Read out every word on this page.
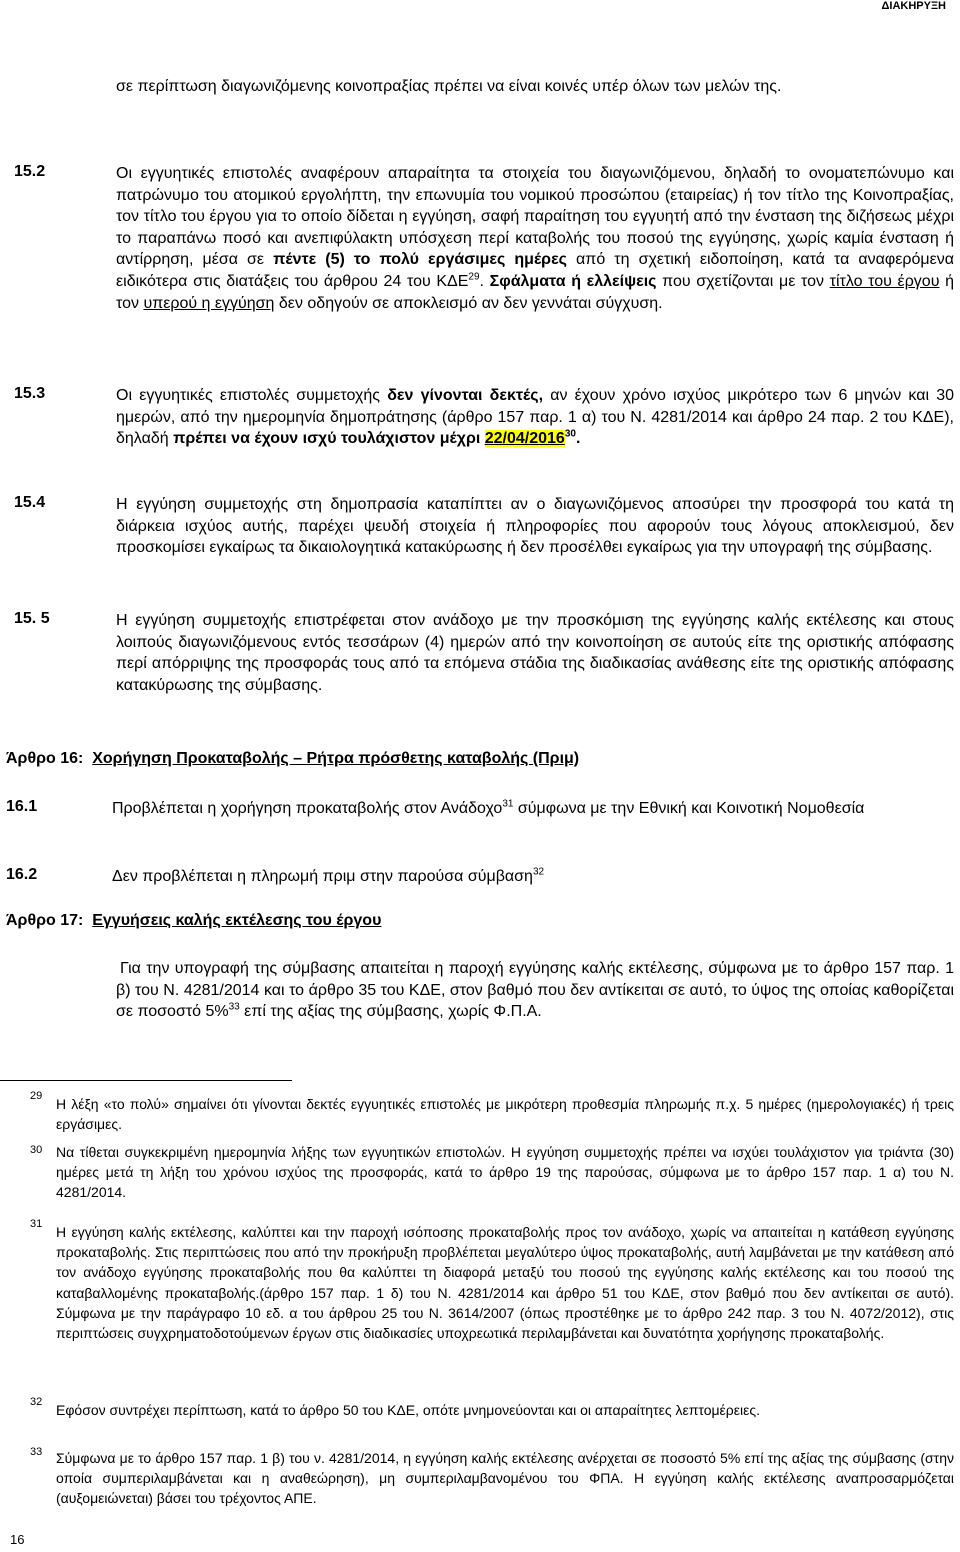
ΔΙΑΚΗΡΥΞΗ

σε περίπτωση διαγωνιζόμενης κοινοπραξίας πρέπει να είναι κοινές υπέρ όλων των μελών της.

15.2	Οι εγγυητικές επιστολές αναφέρουν απαραίτητα τα στοιχεία του διαγωνιζόμενου, δηλαδή το ονοματεπώνυμο και πατρώνυμο του ατομικού εργολήπτη, την επωνυμία του νομικού προσώπου (εταιρείας) ή τον τίτλο της Κοινοπραξίας, τον τίτλο του έργου για το οποίο δίδεται η εγγύηση, σαφή παραίτηση του εγγυητή από την ένσταση της διζήσεως μέχρι το παραπάνω ποσό και ανεπιφύλακτη υπόσχεση περί καταβολής του ποσού της εγγύησης, χωρίς καμία ένσταση ή αντίρρηση, μέσα σε πέντε (5) το πολύ εργάσιμες ημέρες από τη σχετική ειδοποίηση, κατά τα αναφερόμενα ειδικότερα στις διατάξεις του άρθρου 24 του ΚΔΕ$^{29}$. Σφάλματα ή ελλείψεις που σχετίζονται με τον τίτλο του έργου ή τον υπερού η εγγύηση δεν οδηγούν σε αποκλεισμό αν δεν γεννάται σύγχυση.

15.3	Οι εγγυητικές επιστολές συμμετοχής δεν γίνονται δεκτές, αν έχουν χρόνο ισχύος μικρότερο των 6 μηνών και 30 ημερών, από την ημερομηνία δημοπράτησης (άρθρο 157 παρ. 1 α) του Ν. 4281/2014 και άρθρο 24 παρ. 2 του ΚΔΕ), δηλαδή πρέπει να έχουν ισχύ τουλάχιστον μέχρι 22/04/2016$^{30}$.

15.4	Η εγγύηση συμμετοχής στη δημοπρασία καταπίπτει αν ο διαγωνιζόμενος αποσύρει την προσφορά του κατά τη διάρκεια ισχύος αυτής, παρέχει ψευδή στοιχεία ή πληροφορίες που αφορούν τους λόγους αποκλεισμού, δεν προσκομίσει εγκαίρως τα δικαιολογητικά κατακύρωσης ή δεν προσέλθει εγκαίρως για την υπογραφή της σύμβασης.

15. 5	Η εγγύηση συμμετοχής επιστρέφεται στον ανάδοχο με την προσκόμιση της εγγύησης καλής εκτέλεσης και στους λοιπούς διαγωνιζόμενους εντός τεσσάρων (4) ημερών από την κοινοποίηση σε αυτούς είτε της οριστικής απόφασης περί απόρριψης της προσφοράς τους από τα επόμενα στάδια της διαδικασίας ανάθεσης είτε της οριστικής απόφασης κατακύρωσης της σύμβασης.

Άρθρο 16: Χορήγηση Προκαταβολής – Ρήτρα πρόσθετης καταβολής (Πριμ)
16.1	Προβλέπεται η χορήγηση προκαταβολής στον Ανάδοχο$^{31}$ σύμφωνα με την Εθνική και Κοινοτική Νομοθεσία

16.2	Δεν προβλέπεται η πληρωμή πριμ στην παρούσα σύμβαση$^{32}$

Άρθρο 17: Εγγυήσεις καλής εκτέλεσης του έργου

Για την υπογραφή της σύμβασης απαιτείται η παροχή εγγύησης καλής εκτέλεσης, σύμφωνα με το άρθρο 157 παρ. 1 β) του Ν. 4281/2014 και το άρθρο 35 του ΚΔΕ, στον βαθμό που δεν αντίκειται σε αυτό, το ύψος της οποίας καθορίζεται σε ποσοστό 5%$^{33}$ επί της αξίας της σύμβασης, χωρίς Φ.Π.Α.

29 Η λέξη «το πολύ» σημαίνει ότι γίνονται δεκτές εγγυητικές επιστολές με μικρότερη προθεσμία πληρωμής π.χ. 5 ημέρες (ημερολογιακές) ή τρεις εργάσιμες.

30 Να τίθεται συγκεκριμένη ημερομηνία λήξης των εγγυητικών επιστολών. Η εγγύηση συμμετοχής πρέπει να ισχύει τουλάχιστον για τριάντα (30) ημέρες μετά τη λήξη του χρόνου ισχύος της προσφοράς, κατά το άρθρο 19 της παρούσας, σύμφωνα με το άρθρο 157 παρ. 1 α) του Ν. 4281/2014.

31 Η εγγύηση καλής εκτέλεσης, καλύπτει και την παροχή ισόποσης προκαταβολής προς τον ανάδοχο, χωρίς να απαιτείται η κατάθεση εγγύησης προκαταβολής. Στις περιπτώσεις που από την προκήρυξη προβλέπεται μεγαλύτερο ύψος προκαταβολής, αυτή λαμβάνεται με την κατάθεση από τον ανάδοχο εγγύησης προκαταβολής που θα καλύπτει τη διαφορά μεταξύ του ποσού της εγγύησης καλής εκτέλεσης και του ποσού της καταβαλλομένης προκαταβολής.(άρθρο 157 παρ. 1 δ) του Ν. 4281/2014 και άρθρο 51 του ΚΔΕ, στον βαθμό που δεν αντίκειται σε αυτό). Σύμφωνα με την παράγραφο 10 εδ. α του άρθρου 25 του Ν. 3614/2007 (όπως προστέθηκε με το άρθρο 242 παρ. 3 του Ν. 4072/2012), στις περιπτώσεις συγχρηματοδοτούμενων έργων στις διαδικασίες υποχρεωτικά περιλαμβάνεται και δυνατότητα χορήγησης προκαταβολής.

32 Εφόσον συντρέχει περίπτωση, κατά το άρθρο 50 του ΚΔΕ, οπότε μνημονεύονται και οι απαραίτητες λεπτομέρειες.

33 Σύμφωνα με το άρθρο 157 παρ. 1 β) του ν. 4281/2014, η εγγύηση καλής εκτέλεσης ανέρχεται σε ποσοστό 5% επί της αξίας της σύμβασης (στην οποία συμπεριλαμβάνεται και η αναθεώρηση), μη συμπεριλαμβανομένου του ΦΠΑ. Η εγγύηση καλής εκτέλεσης αναπροσαρμόζεται (αυξομειώνεται) βάσει του τρέχοντος ΑΠΕ.

16
